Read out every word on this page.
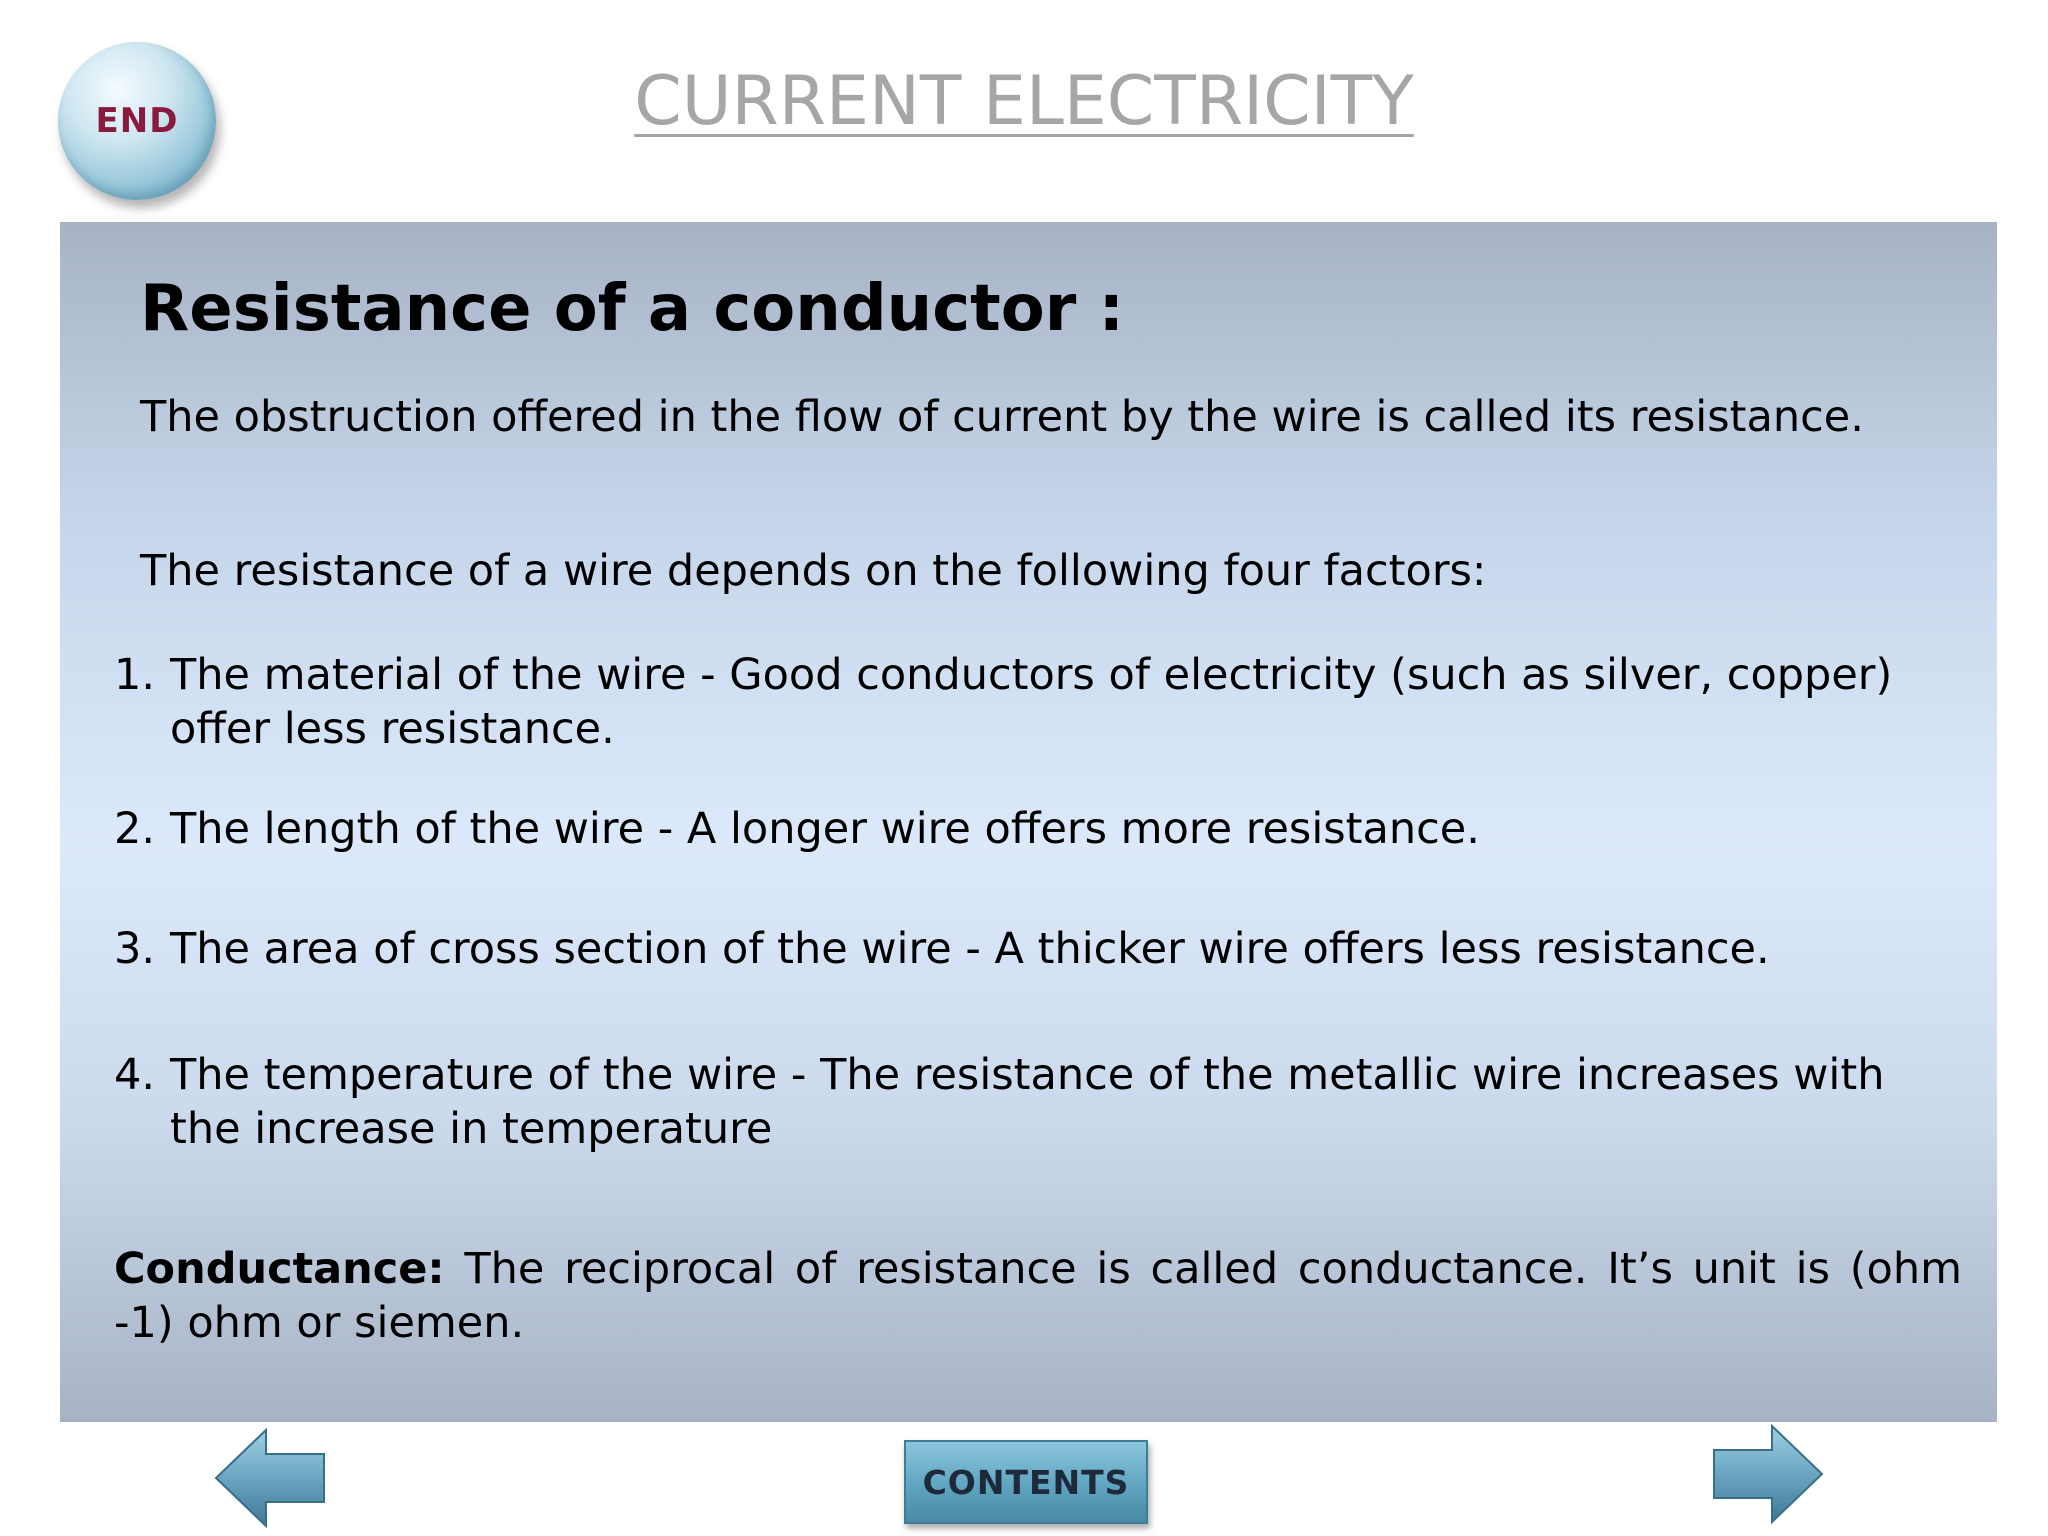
END	CURRENT ELECTRICITY
Resistance of a conductor :
The obstruction offered in the flow of current by the wire is called its resistance.
The resistance of a wire depends on the following four factors:
1. The material of the wire - Good conductors of electricity (such as silver, copper) offer less resistance.
2. The length of the wire - A longer wire offers more resistance.
3. The area of cross section of the wire - A thicker wire offers less resistance.
4. The temperature of the wire - The resistance of the metallic wire increases with the increase in temperature
Conductance: The reciprocal of resistance is called conductance. It’s unit is (ohm -1) ohm or siemen.
CONTENTS
